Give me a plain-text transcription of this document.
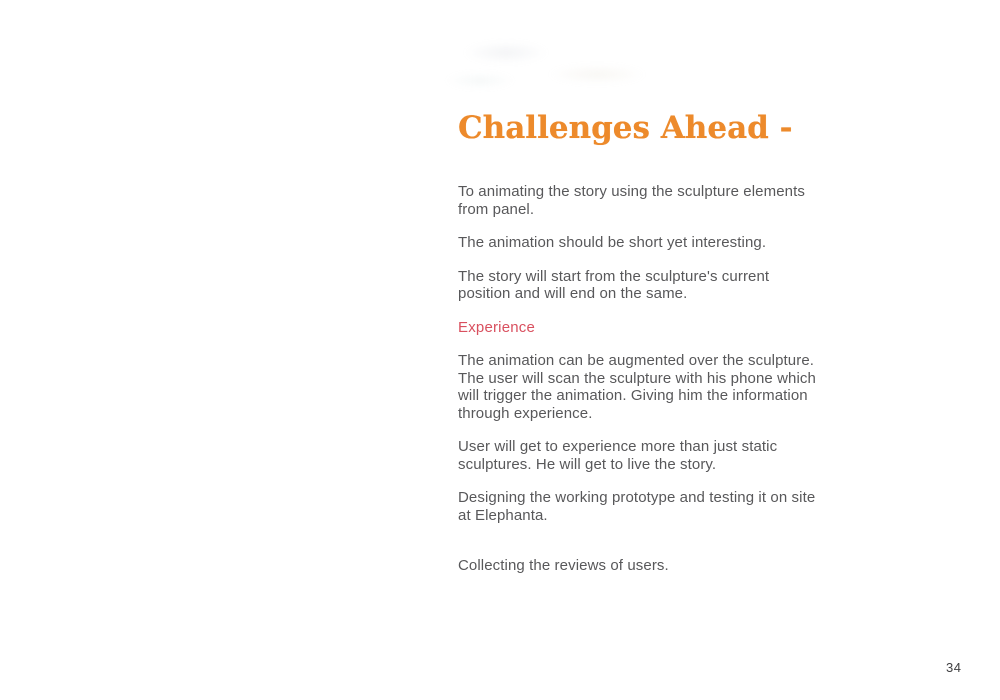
Challenges Ahead -

To animating the story using the sculpture elements from panel.

The animation should be short yet interesting.

The story will start from the sculpture's current position and will end on the same.

Experience

The animation can be augmented over the sculpture. The user will scan the sculpture with his phone which will trigger the animation. Giving him the information through experience.

User will get to experience more than just static sculptures. He will get to live the story.

Designing the working prototype and testing it on site at Elephanta.

Collecting the reviews of users.

34
